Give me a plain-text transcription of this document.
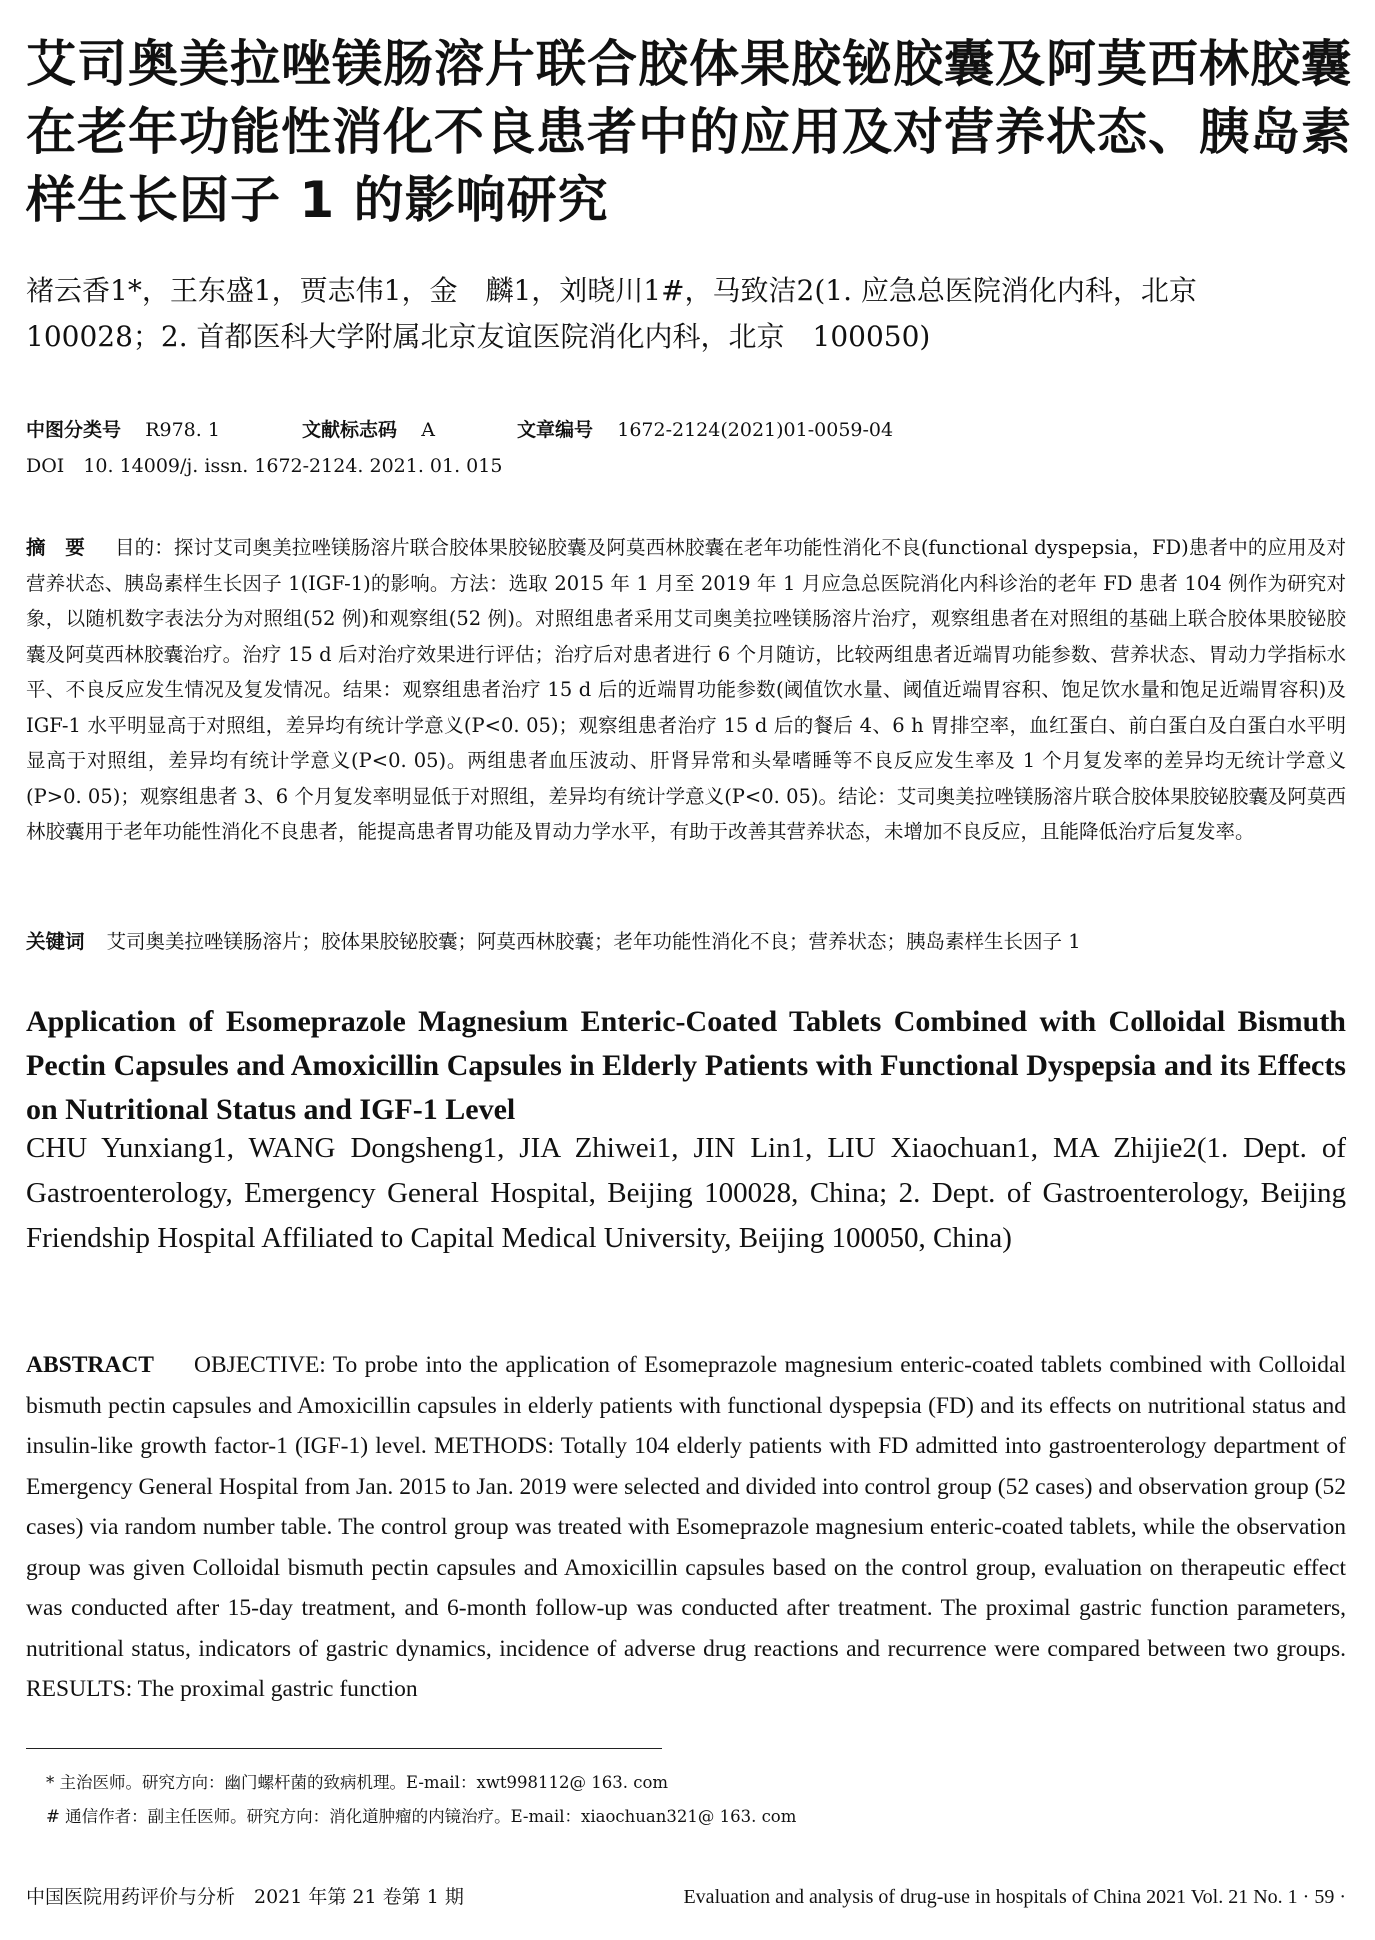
艾司奥美拉唑镁肠溶片联合胶体果胶铋胶囊及阿莫西林胶囊在老年功能性消化不良患者中的应用及对营养状态、胰岛素样生长因子 1 的影响研究
褚云香1*，王东盛1，贾志伟1，金　麟1，刘晓川1#，马致洁2(1. 应急总医院消化内科，北京　100028；2. 首都医科大学附属北京友谊医院消化内科，北京　100050)
中图分类号 R978. 1	文献标志码 A	文章编号 1672-2124(2021)01-0059-04
DOI　10. 14009/j. issn. 1672-2124. 2021. 01. 015
摘　要 目的：探讨艾司奥美拉唑镁肠溶片联合胶体果胶铋胶囊及阿莫西林胶囊在老年功能性消化不良(functional dyspepsia，FD)患者中的应用及对营养状态、胰岛素样生长因子 1(IGF-1)的影响。方法：选取 2015 年 1 月至 2019 年 1 月应急总医院消化内科诊治的老年 FD 患者 104 例作为研究对象，以随机数字表法分为对照组(52 例)和观察组(52 例)。对照组患者采用艾司奥美拉唑镁肠溶片治疗，观察组患者在对照组的基础上联合胶体果胶铋胶囊及阿莫西林胶囊治疗。治疗 15 d 后对治疗效果进行评估；治疗后对患者进行 6 个月随访，比较两组患者近端胃功能参数、营养状态、胃动力学指标水平、不良反应发生情况及复发情况。结果：观察组患者治疗 15 d 后的近端胃功能参数(阈值饮水量、阈值近端胃容积、饱足饮水量和饱足近端胃容积)及 IGF-1 水平明显高于对照组，差异均有统计学意义(P<0. 05)；观察组患者治疗 15 d 后的餐后 4、6 h 胃排空率，血红蛋白、前白蛋白及白蛋白水平明显高于对照组，差异均有统计学意义(P<0. 05)。两组患者血压波动、肝肾异常和头晕嗜睡等不良反应发生率及 1 个月复发率的差异均无统计学意义(P>0. 05)；观察组患者 3、6 个月复发率明显低于对照组，差异均有统计学意义(P<0. 05)。结论：艾司奥美拉唑镁肠溶片联合胶体果胶铋胶囊及阿莫西林胶囊用于老年功能性消化不良患者，能提高患者胃功能及胃动力学水平，有助于改善其营养状态，未增加不良反应，且能降低治疗后复发率。
关键词 艾司奥美拉唑镁肠溶片；胶体果胶铋胶囊；阿莫西林胶囊；老年功能性消化不良；营养状态；胰岛素样生长因子 1
Application of Esomeprazole Magnesium Enteric-Coated Tablets Combined with Colloidal Bismuth Pectin Capsules and Amoxicillin Capsules in Elderly Patients with Functional Dyspepsia and its Effects on Nutritional Status and IGF-1 Level
CHU Yunxiang1, WANG Dongsheng1, JIA Zhiwei1, JIN Lin1, LIU Xiaochuan1, MA Zhijie2(1. Dept. of Gastroenterology, Emergency General Hospital, Beijing 100028, China; 2. Dept. of Gastroenterology, Beijing Friendship Hospital Affiliated to Capital Medical University, Beijing 100050, China)
ABSTRACT OBJECTIVE: To probe into the application of Esomeprazole magnesium enteric-coated tablets combined with Colloidal bismuth pectin capsules and Amoxicillin capsules in elderly patients with functional dyspepsia (FD) and its effects on nutritional status and insulin-like growth factor-1 (IGF-1) level. METHODS: Totally 104 elderly patients with FD admitted into gastroenterology department of Emergency General Hospital from Jan. 2015 to Jan. 2019 were selected and divided into control group (52 cases) and observation group (52 cases) via random number table. The control group was treated with Esomeprazole magnesium enteric-coated tablets, while the observation group was given Colloidal bismuth pectin capsules and Amoxicillin capsules based on the control group, evaluation on therapeutic effect was conducted after 15-day treatment, and 6-month follow-up was conducted after treatment. The proximal gastric function parameters, nutritional status, indicators of gastric dynamics, incidence of adverse drug reactions and recurrence were compared between two groups. RESULTS: The proximal gastric function
* 主治医师。研究方向：幽门螺杆菌的致病机理。E-mail：xwt998112@ 163. com
# 通信作者：副主任医师。研究方向：消化道肿瘤的内镜治疗。E-mail：xiaochuan321@ 163. com
中国医院用药评价与分析　2021 年第 21 卷第 1 期	Evaluation and analysis of drug-use in hospitals of China 2021 Vol. 21 No. 1 · 59 ·
